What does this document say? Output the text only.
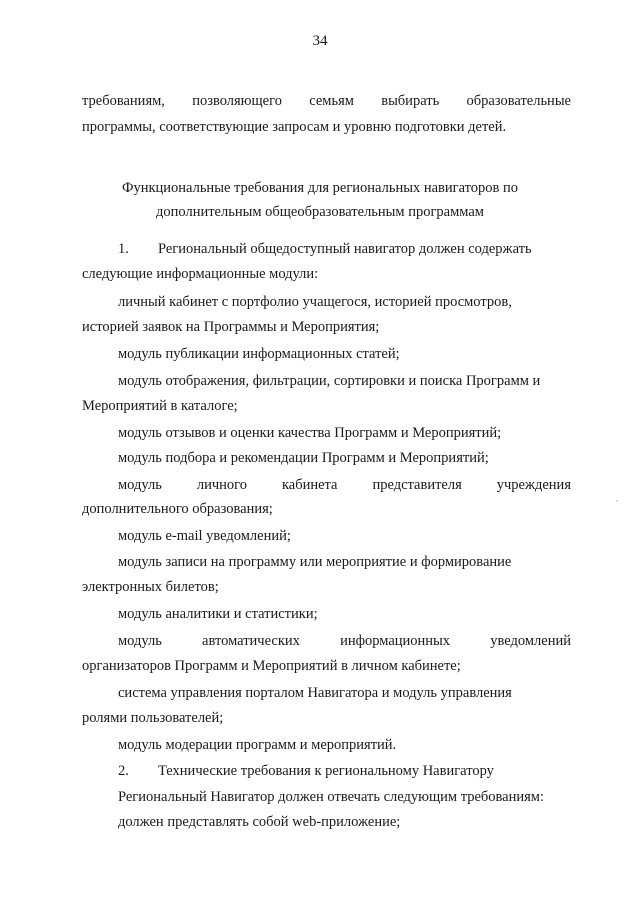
34
требованиям, позволяющего семьям выбирать образовательные
программы, соответствующие запросам и уровню подготовки детей.
Функциональные требования для региональных навигаторов по
дополнительным общеобразовательным программам
1. Региональный общедоступный навигатор должен содержать
следующие информационные модули:
личный кабинет с портфолио учащегося, историей просмотров,
историей заявок на Программы и Мероприятия;
модуль публикации информационных статей;
модуль отображения, фильтрации, сортировки и поиска Программ и
Мероприятий в каталоге;
модуль отзывов и оценки качества Программ и Мероприятий;
модуль подбора и рекомендации Программ и Мероприятий;
модуль личного кабинета представителя учреждения
дополнительного образования;
модуль e-mail уведомлений;
модуль записи на программу или мероприятие и формирование
электронных билетов;
модуль аналитики и статистики;
модуль	автоматических	информационных	уведомлений
организаторов Программ и Мероприятий в личном кабинете;
система управления порталом Навигатора и модуль управления
ролями пользователей;
модуль модерации программ и мероприятий.
2. Технические требования к региональному Навигатору
Региональный Навигатор должен отвечать следующим требованиям:
должен представлять собой web-приложение;
